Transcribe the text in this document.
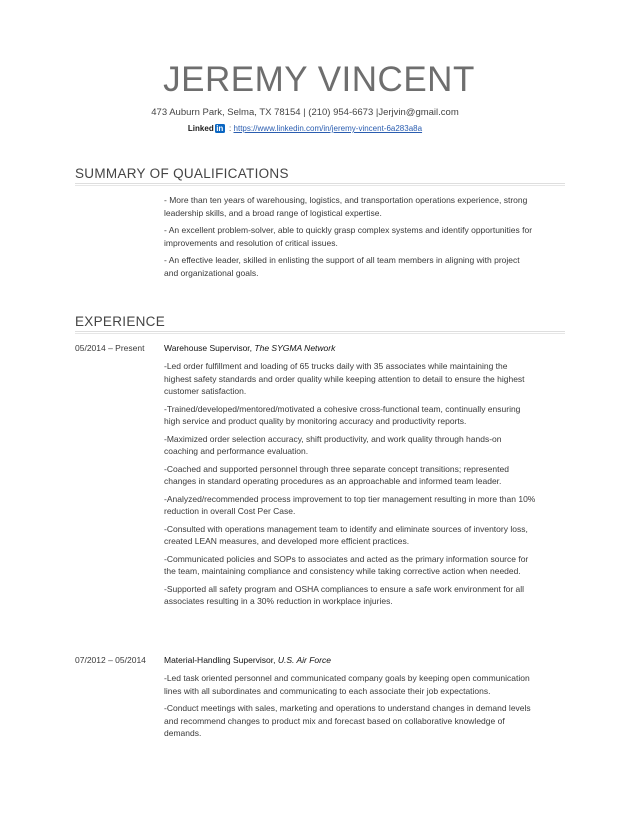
JEREMY VINCENT
473 Auburn Park, Selma, TX 78154 | (210) 954-6673 |Jerjvin@gmail.com
Linked in : https://www.linkedin.com/in/jeremy-vincent-6a283a8a
SUMMARY OF QUALIFICATIONS

- More than ten years of warehousing, logistics, and transportation operations experience, strong leadership skills, and a broad range of logistical expertise.

- An excellent problem-solver, able to quickly grasp complex systems and identify opportunities for improvements and resolution of critical issues.

- An effective leader, skilled in enlisting the support of all team members in aligning with project and organizational goals.

EXPERIENCE
05/2014 – Present Warehouse Supervisor, The SYGMA Network

-Led order fulfillment and loading of 65 trucks daily with 35 associates while maintaining the highest safety standards and order quality while keeping attention to detail to ensure the highest customer satisfaction.

-Trained/developed/mentored/motivated a cohesive cross-functional team, continually ensuring high service and product quality by monitoring accuracy and productivity reports.

-Maximized order selection accuracy, shift productivity, and work quality through hands-on coaching and performance evaluation.

-Coached and supported personnel through three separate concept transitions; represented changes in standard operating procedures as an approachable and informed team leader.

-Analyzed/recommended process improvement to top tier management resulting in more than 10% reduction in overall Cost Per Case.

-Consulted with operations management team to identify and eliminate sources of inventory loss, created LEAN measures, and developed more efficient practices.

-Communicated policies and SOPs to associates and acted as the primary information source for the team, maintaining compliance and consistency while taking corrective action when needed.

-Supported all safety program and OSHA compliances to ensure a safe work environment for all associates resulting in a 30% reduction in workplace injuries.

07/2012 – 05/2014 Material-Handling Supervisor, U.S. Air Force

-Led task oriented personnel and communicated company goals by keeping open communication lines with all subordinates and communicating to each associate their job expectations.

-Conduct meetings with sales, marketing and operations to understand changes in demand levels and recommend changes to product mix and forecast based on collaborative knowledge of demands.
